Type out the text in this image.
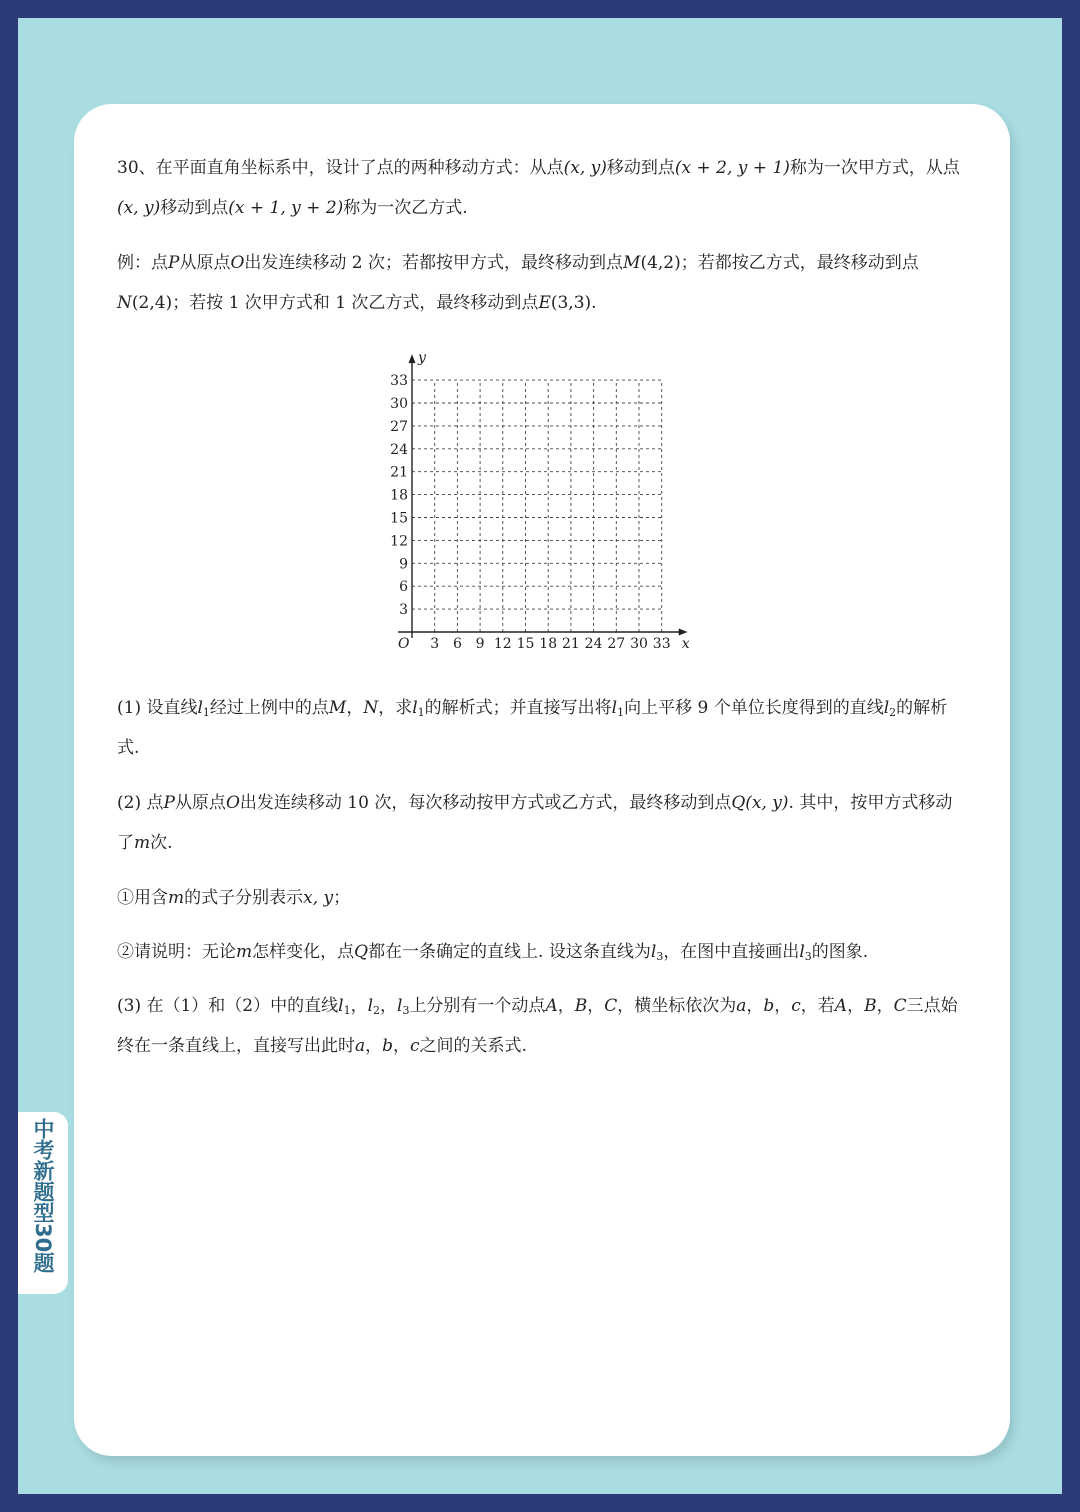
中考新题型30题

30、在平面直角坐标系中，设计了点的两种移动方式：从点(x, y)移动到点(x + 2, y + 1)称为一次甲方式，从点(x, y)移动到点(x + 1, y + 2)称为一次乙方式.

例：点P从原点O出发连续移动 2 次；若都按甲方式，最终移动到点M(4,2)；若都按乙方式，最终移动到点N(2,4)；若按 1 次甲方式和 1 次乙方式，最终移动到点E(3,3).

(1) 设直线$l_1$经过上例中的点M，N，求$l_1$的解析式；并直接写出将$l_1$向上平移 9 个单位长度得到的直线$l_2$的解析式.

(2) 点P从原点O出发连续移动 10 次，每次移动按甲方式或乙方式，最终移动到点Q(x, y). 其中，按甲方式移动了m次.

①用含m的式子分别表示x, y；

②请说明：无论m怎样变化，点Q都在一条确定的直线上. 设这条直线为$l_3$，在图中直接画出$l_3$的图象.

(3) 在（1）和（2）中的直线$l_1$，$l_2$，$l_3$上分别有一个动点A，B，C，横坐标依次为a，b，c，若A，B，C三点始终在一条直线上，直接写出此时a，b，c之间的关系式.

3 6 9 12 15 18 21 24 27 30 33
3
6
9
12
15
18
21
24
27
30
33
O	x
y
